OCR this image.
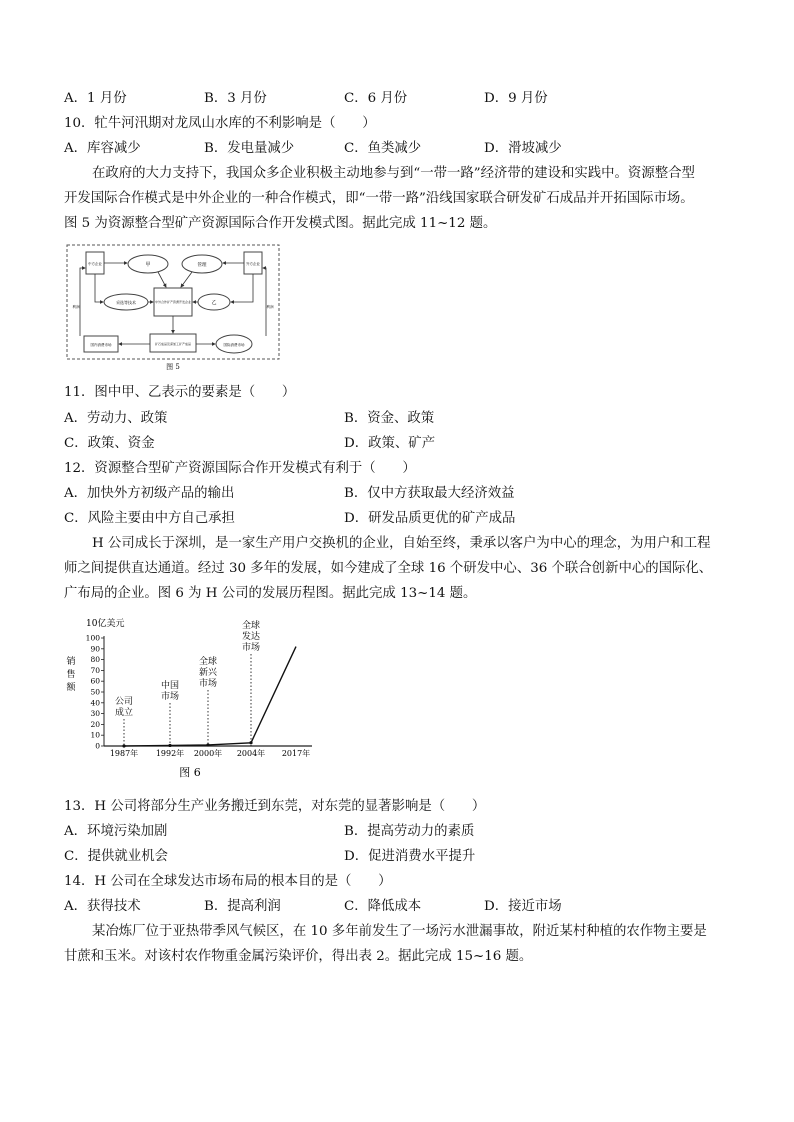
A．1 月份	B．3 月份	C．6 月份	D．9 月份
10．牤牛河汛期对龙凤山水库的不利影响是（　　）
A．库容减少	B．发电量减少	C．鱼类减少	D．滑坡减少
在政府的大力支持下，我国众多企业积极主动地参与到“一带一路”经济带的建设和实践中。资源整合型
开发国际合作模式是中外企业的一种合作模式，即“一带一路”沿线国家联合研发矿石成品并开拓国际市场。
图 5 为资源整合型矿产资源国际合作开发模式图。据此完成 11~12 题。
中方企业	甲	管理	外方企业
采选等技术	中外合作矿产资源开发企业	乙
国内消费市场	矿石成品及深加工矿产成品	国际消费市场
利润	利润
图 5
11．图中甲、乙表示的要素是（　　）
A．劳动力、政策	B．资金、政策
C．政策、资金	D．政策、矿产
12．资源整合型矿产资源国际合作开发模式有利于（　　）
A．加快外方初级产品的输出	B．仅中方获取最大经济效益
C．风险主要由中方自己承担	D．研发品质更优的矿产成品
H 公司成长于深圳，是一家生产用户交换机的企业，自始至终，秉承以客户为中心的理念，为用户和工程
师之间提供直达通道。经过 30 多年的发展，如今建成了全球 16 个研发中心、36 个联合创新中心的国际化、
广布局的企业。图 6 为 H 公司的发展历程图。据此完成 13~14 题。
10亿美元
销售额
0
10
20
30
40
50
60
70
80
90
100
公司成立
中国市场
全球新兴市场
全球发达市场
1987年 1992年 2000年 2004年 2017年
图 6
13．H 公司将部分生产业务搬迁到东莞，对东莞的显著影响是（　　）
A．环境污染加剧	B．提高劳动力的素质
C．提供就业机会	D．促进消费水平提升
14．H 公司在全球发达市场布局的根本目的是（　　）
A．获得技术	B．提高利润	C．降低成本	D．接近市场
某冶炼厂位于亚热带季风气候区，在 10 多年前发生了一场污水泄漏事故，附近某村种植的农作物主要是
甘蔗和玉米。对该村农作物重金属污染评价，得出表 2。据此完成 15~16 题。
